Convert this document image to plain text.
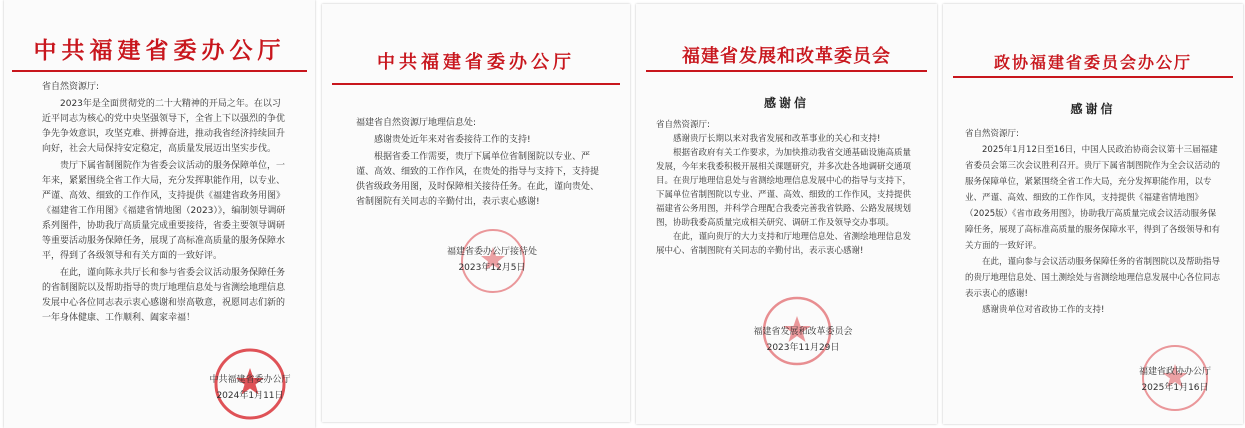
中共福建省委办公厅

省自然资源厅:

2023年是全面贯彻党的二十大精神的开局之年。在以习近平同志为核心的党中央坚强领导下，全省上下以强烈的争优争先争效意识，攻坚克难、拼搏奋进，推动我省经济持续回升向好，社会大局保持安定稳定，高质量发展迈出坚实步伐。

贵厅下属省制图院作为省委会议活动的服务保障单位，一年来，紧紧围绕全省工作大局，充分发挥职能作用，以专业、严谨、高效、细致的工作作风，支持提供《福建省政务用图》《福建省工作用图》《福建省情地图（2023）》，编制领导调研系列图件，协助我厅高质量完成重要接待，省委主要领导调研等重要活动服务保障任务，展现了高标准高质量的服务保障水平，得到了各级领导和有关方面的一致好评。

在此，谨向陈永共厅长和参与省委会议活动服务保障任务的省制图院以及帮助指导的贵厅地理信息处与省测绘地理信息发展中心各位同志表示衷心感谢和崇高敬意，祝愿同志们新的一年身体健康、工作顺利、阖家幸福！

中共福建省委办公厅
2024年1月11日
中共福建省委办公厅

福建省自然资源厅地理信息处:

感谢贵处近年来对省委接待工作的支持!

根据省委工作需要，贵厅下属单位省制图院以专业、严谨、高效、细致的工作作风，在贵处的指导与支持下，支持提供省级政务用图，及时保障相关接待任务。在此，谨向贵处、省制图院有关同志的辛勤付出，表示衷心感谢!

福建省委办公厅接待处
2023年12月5日
福建省发展和改革委员会
感谢信

省自然资源厅:

感谢贵厅长期以来对我省发展和改革事业的关心和支持!

根据省政府有关工作要求，为加快推动我省交通基础设施高质量发展，今年来我委积极开展相关课题研究，并多次赴各地调研交通项目。在贵厅地理信息处与省测绘地理信息发展中心的指导与支持下，下属单位省制图院以专业、严谨、高效、细致的工作作风，支持提供福建省公务用图，并科学合理配合我委完善我省铁路、公路发展规划图，协助我委高质量完成相关研究、调研工作及领导交办事项。

在此，谨向贵厅的大力支持和厅地理信息处、省测绘地理信息发展中心、省制图院有关同志的辛勤付出，表示衷心感谢!

福建省发展和改革委员会
2023年11月29日
政协福建省委员会办公厅
感谢信

省自然资源厅:

2025年1月12日至16日，中国人民政治协商会议第十三届福建省委员会第三次会议胜利召开。贵厅下属省制图院作为全会议活动的服务保障单位，紧紧围绕全省工作大局，充分发挥职能作用，以专业、严谨、高效、细致的工作作风，支持提供《福建省情地图》（2025版）《省市政务用图》，协助我厅高质量完成会议活动服务保障任务，展现了高标准高质量的服务保障水平，得到了各级领导和有关方面的一致好评。

在此，谨向参与会议活动服务保障任务的省制图院以及帮助指导的贵厅地理信息处、国土测绘处与省测绘地理信息发展中心各位同志表示衷心的感谢!

感谢贵单位对省政协工作的支持!

福建省政协办公厅
2025年1月16日
